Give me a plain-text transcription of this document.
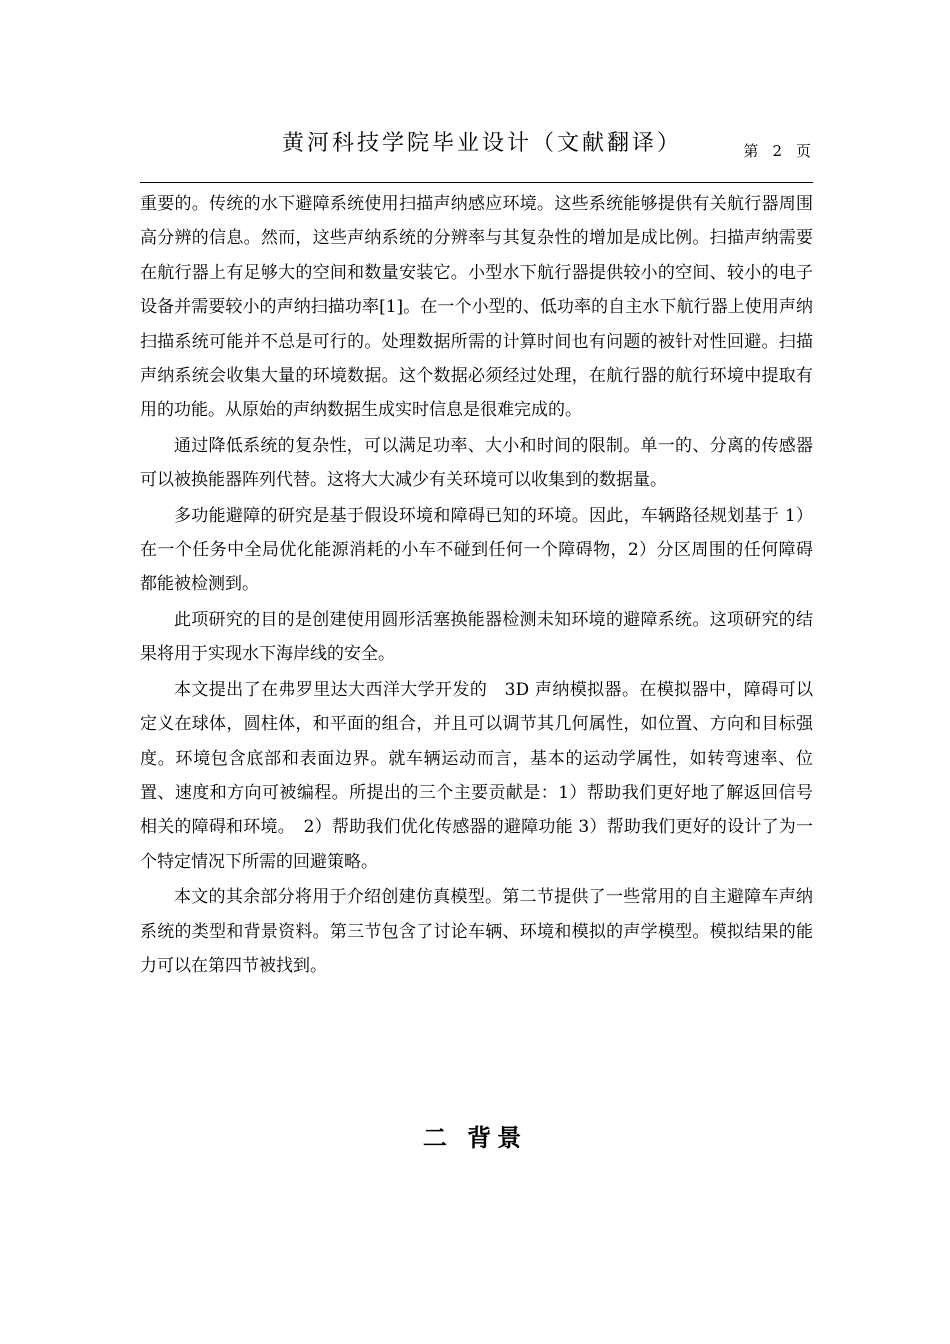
黄河科技学院毕业设计（文献翻译）	第 2 页

重要的。传统的水下避障系统使用扫描声纳感应环境。这些系统能够提供有关航行器周围高分辨的信息。然而，这些声纳系统的分辨率与其复杂性的增加是成比例。扫描声纳需要在航行器上有足够大的空间和数量安装它。小型水下航行器提供较小的空间、较小的电子设备并需要较小的声纳扫描功率[1]。在一个小型的、低功率的自主水下航行器上使用声纳扫描系统可能并不总是可行的。处理数据所需的计算时间也有问题的被针对性回避。扫描声纳系统会收集大量的环境数据。这个数据必须经过处理，在航行器的航行环境中提取有用的功能。从原始的声纳数据生成实时信息是很难完成的。

通过降低系统的复杂性，可以满足功率、大小和时间的限制。单一的、分离的传感器可以被换能器阵列代替。这将大大减少有关环境可以收集到的数据量。

多功能避障的研究是基于假设环境和障碍已知的环境。因此，车辆路径规划基于 1）在一个任务中全局优化能源消耗的小车不碰到任何一个障碍物，2）分区周围的任何障碍都能被检测到。

此项研究的目的是创建使用圆形活塞换能器检测未知环境的避障系统。这项研究的结果将用于实现水下海岸线的安全。

本文提出了在弗罗里达大西洋大学开发的　3D 声纳模拟器。在模拟器中，障碍可以定义在球体，圆柱体，和平面的组合，并且可以调节其几何属性，如位置、方向和目标强度。环境包含底部和表面边界。就车辆运动而言，基本的运动学属性，如转弯速率、位置、速度和方向可被编程。所提出的三个主要贡献是：1）帮助我们更好地了解返回信号相关的障碍和环境。　2）帮助我们优化传感器的避障功能 3）帮助我们更好的设计了为一个特定情况下所需的回避策略。

本文的其余部分将用于介绍创建仿真模型。第二节提供了一些常用的自主避障车声纳系统的类型和背景资料。第三节包含了讨论车辆、环境和模拟的声学模型。模拟结果的能力可以在第四节被找到。

二 背景
